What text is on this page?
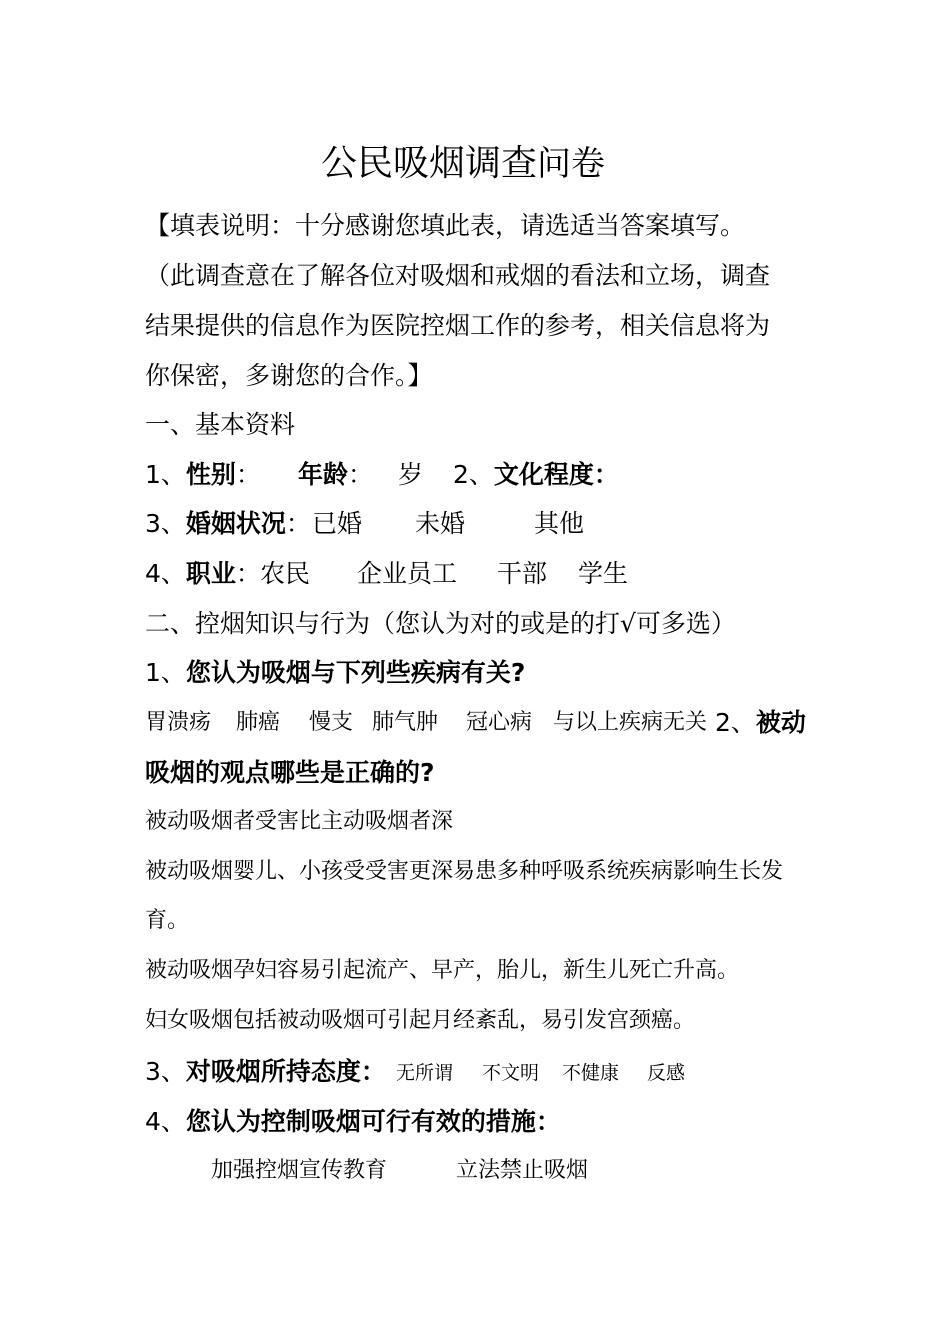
公民吸烟调查问卷
【填表说明：十分感谢您填此表，请选适当答案填写。
（此调查意在了解各位对吸烟和戒烟的看法和立场，调查
结果提供的信息作为医院控烟工作的参考，相关信息将为
你保密，多谢您的合作。】
一、基本资料
1、性别： 年龄： 岁 2、文化程度：
3、婚姻状况： 已婚 未婚	其他
4、职业： 农民 企业员工 干部 学生
二、控烟知识与行为（您认为对的或是的打√可多选）
1、您认为吸烟与下列些疾病有关?
胃溃疡 肺癌 慢支 肺气肿 冠心病 与以上疾病无关 2、被动
吸烟的观点哪些是正确的?
被动吸烟者受害比主动吸烟者深
被动吸烟婴儿、小孩受受害更深易患多种呼吸系统疾病影响生长发
育。
被动吸烟孕妇容易引起流产、早产，胎儿，新生儿死亡升高。
妇女吸烟包括被动吸烟可引起月经紊乱，易引发宫颈癌。
3、对吸烟所持态度： 无所谓 不文明 不健康 反感
4、您认为控制吸烟可行有效的措施：
加强控烟宣传教育	立法禁止吸烟
